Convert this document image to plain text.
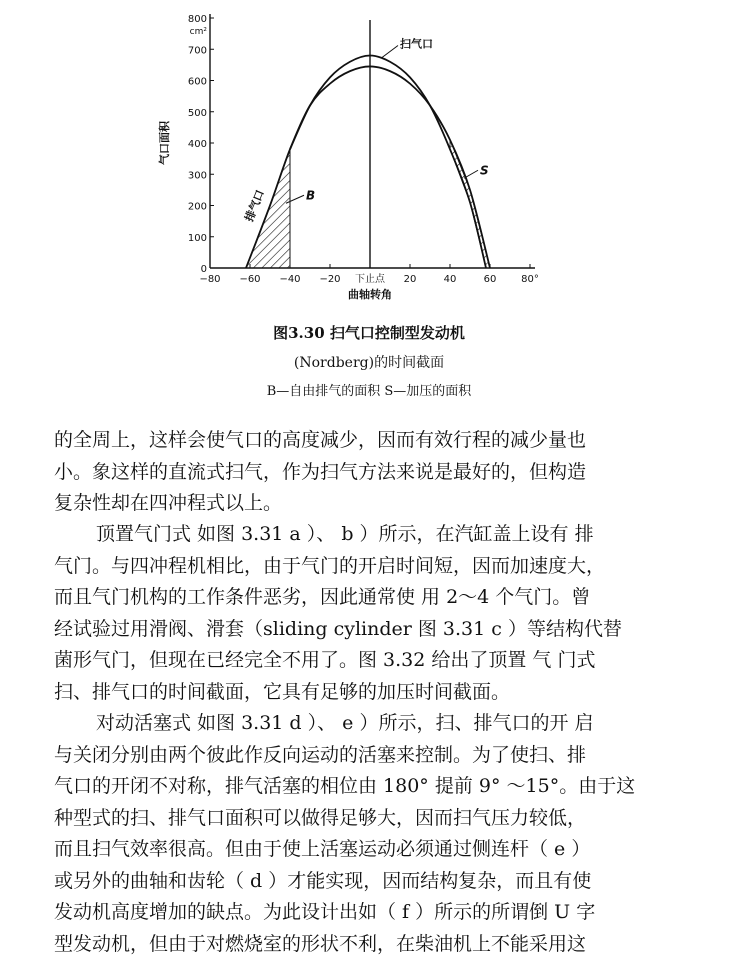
800
700
600
500
400
300
200
100
0
−80 −60 −40 −20 下止点 20	40	60 80°
cm²
曲轴转角
气口面积
扫气口
排气口	B
S
图3.30 扫气口控制型发动机
(Nordberg)的时间截面
B—自由排气的面积 S—加压的面积
的全周上，这样会使气口的高度减少，因而有效行程的减少量也
小。象这样的直流式扫气，作为扫气方法来说是最好的，但构造
复杂性却在四冲程式以上。
顶置气门式 如图 3.31 a ）、 b ）所示，在汽缸盖上设有 排
气门。与四冲程机相比，由于气门的开启时间短，因而加速度大，
而且气门机构的工作条件恶劣，因此通常使 用 2～4 个气门。曾
经试验过用滑阀、滑套（sliding cylinder 图 3.31 c ）等结构代替
菌形气门，但现在已经完全不用了。图 3.32 给出了顶置 气 门式
扫、排气口的时间截面，它具有足够的加压时间截面。
对动活塞式 如图 3.31 d ）、 e ）所示，扫、排气口的开 启
与关闭分别由两个彼此作反向运动的活塞来控制。为了使扫、排
气口的开闭不对称，排气活塞的相位由 180° 提前 9° ～15°。由于这
种型式的扫、排气口面积可以做得足够大，因而扫气压力较低，
而且扫气效率很高。但由于使上活塞运动必须通过侧连杆（ e ）
或另外的曲轴和齿轮（ d ）才能实现，因而结构复杂，而且有使
发动机高度增加的缺点。为此设计出如（ f ）所示的所谓倒 U 字
型发动机，但由于对燃烧室的形状不利，在柴油机上不能采用这
